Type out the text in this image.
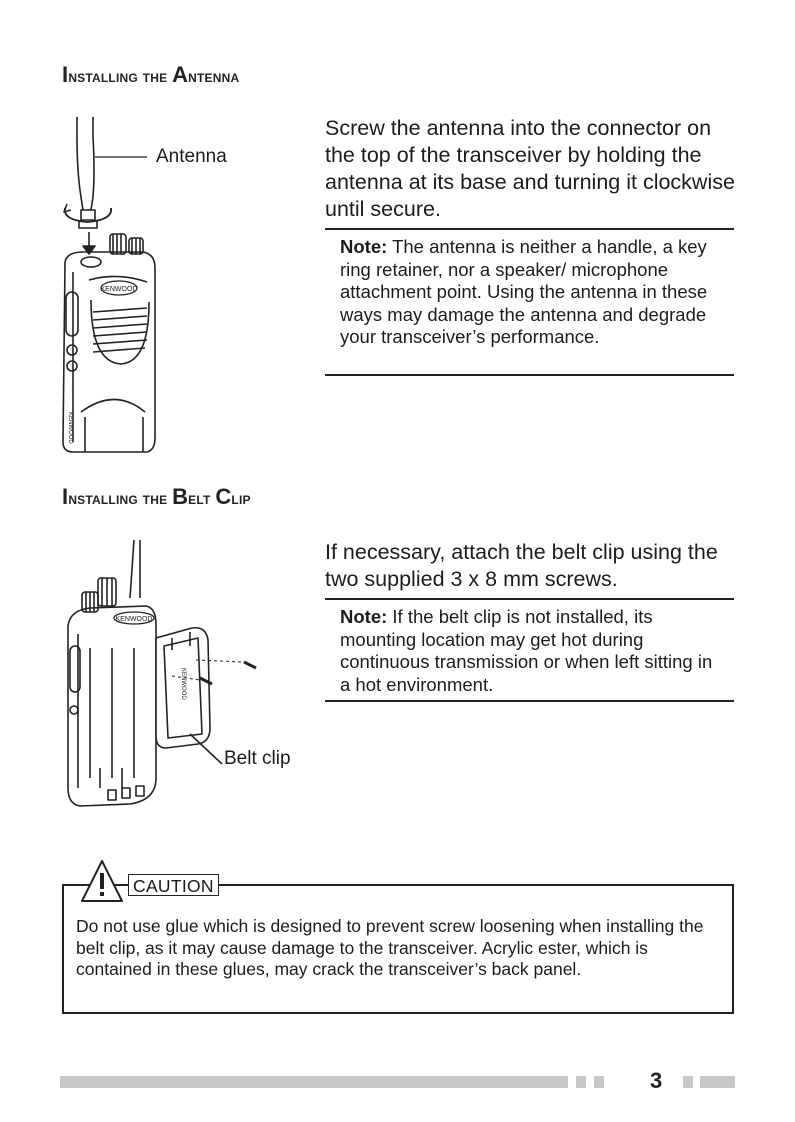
Installing the Antenna
KENWOOD
KENWOOD
Antenna

Screw the antenna into the connector on the top of the transceiver by holding the antenna at its base and turning it clockwise until secure.

Note: The antenna is neither a handle, a key ring retainer, nor a speaker/ microphone attachment point. Using the antenna in these ways may damage the antenna and degrade your transceiver’s performance.
Installing the Belt Clip
KENWOOD
KENWOOD
Belt clip

If necessary, attach the belt clip using the two supplied 3 x 8 mm screws.

Note: If the belt clip is not installed, its mounting location may get hot during continuous transmission or when left sitting in a hot environment.
CAUTION

Do not use glue which is designed to prevent screw loosening when installing the belt clip, as it may cause damage to the transceiver. Acrylic ester, which is contained in these glues, may crack the transceiver’s back panel.

3
